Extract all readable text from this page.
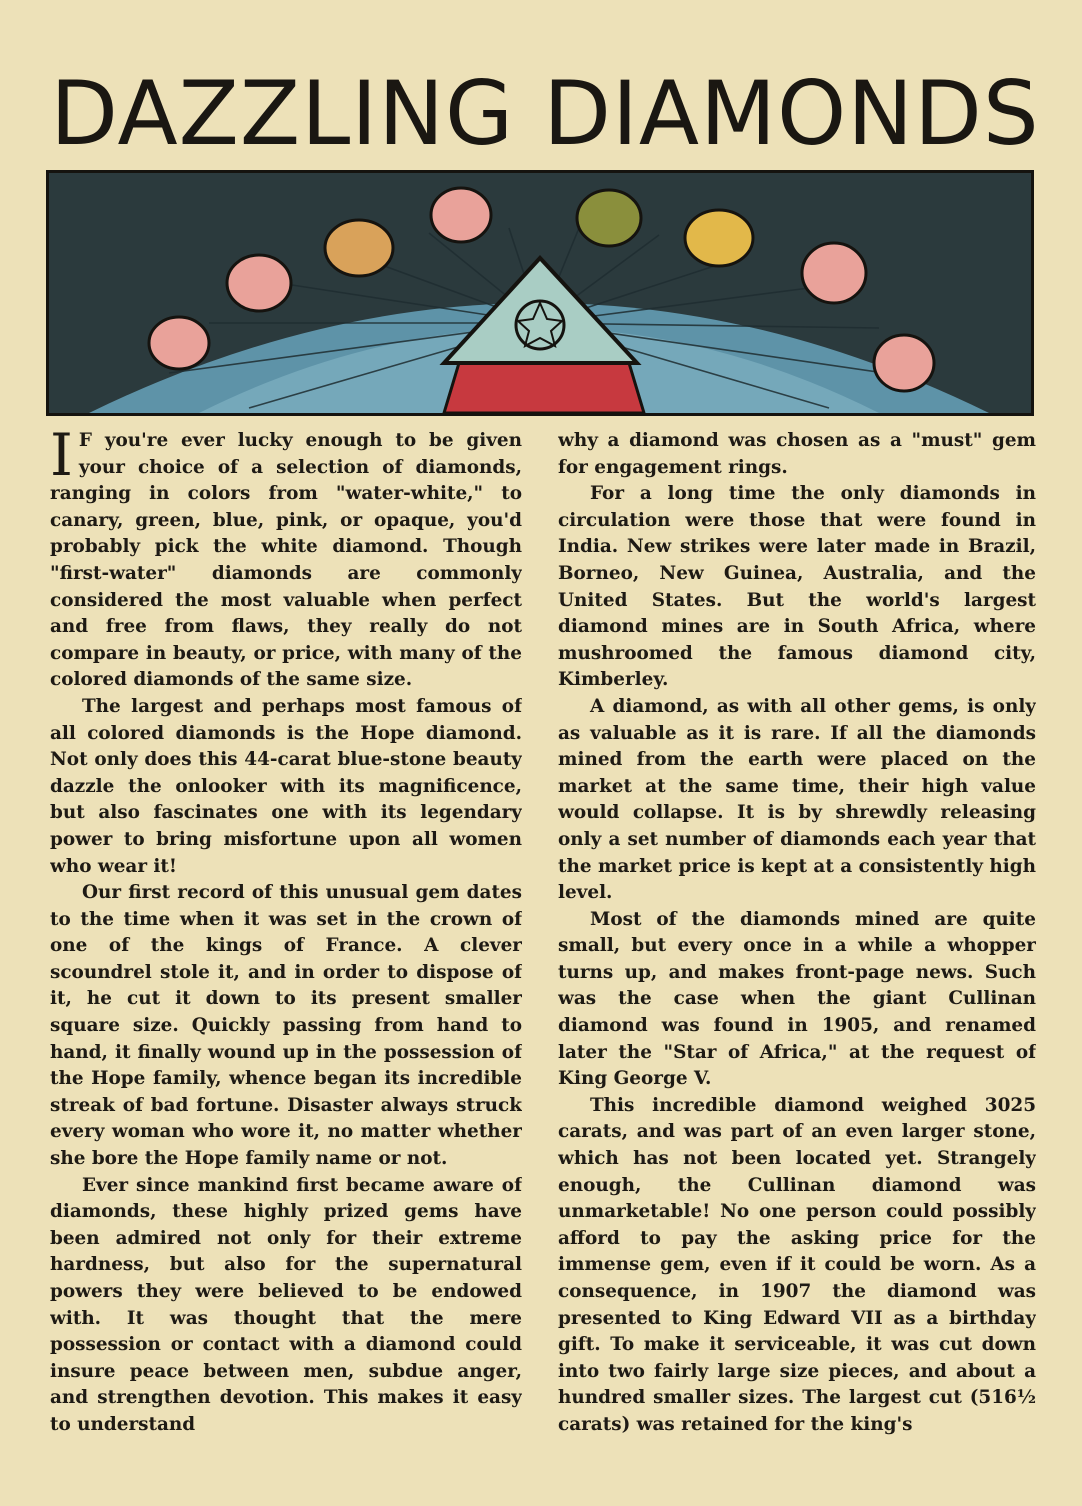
DAZZLING DIAMONDS

I F you're ever lucky enough to be given your choice of a selection of diamonds, ranging in colors from "water-white," to canary, green, blue, pink, or opaque, you'd probably pick the white diamond. Though "first-water" diamonds are commonly considered the most valuable when perfect and free from flaws, they really do not compare in beauty, or price, with many of the colored diamonds of the same size.

The largest and perhaps most famous of all colored diamonds is the Hope diamond. Not only does this 44-carat blue-stone beauty dazzle the onlooker with its magnificence, but also fascinates one with its legendary power to bring misfortune upon all women who wear it!

Our first record of this unusual gem dates to the time when it was set in the crown of one of the kings of France. A clever scoundrel stole it, and in order to dispose of it, he cut it down to its present smaller square size. Quickly passing from hand to hand, it finally wound up in the possession of the Hope family, whence began its incredible streak of bad fortune. Disaster always struck every woman who wore it, no matter whether she bore the Hope family name or not.

Ever since mankind first became aware of diamonds, these highly prized gems have been admired not only for their extreme hardness, but also for the supernatural powers they were believed to be endowed with. It was thought that the mere possession or contact with a diamond could insure peace between men, subdue anger, and strengthen devotion. This makes it easy to understand

why a diamond was chosen as a "must" gem for engagement rings.

For a long time the only diamonds in circulation were those that were found in India. New strikes were later made in Brazil, Borneo, New Guinea, Australia, and the United States. But the world's largest diamond mines are in South Africa, where mushroomed the famous diamond city, Kimberley.

A diamond, as with all other gems, is only as valuable as it is rare. If all the diamonds mined from the earth were placed on the market at the same time, their high value would collapse. It is by shrewdly releasing only a set number of diamonds each year that the market price is kept at a consistently high level.

Most of the diamonds mined are quite small, but every once in a while a whopper turns up, and makes front-page news. Such was the case when the giant Cullinan diamond was found in 1905, and renamed later the "Star of Africa," at the request of King George V.

This incredible diamond weighed 3025 carats, and was part of an even larger stone, which has not been located yet. Strangely enough, the Cullinan diamond was unmarketable! No one person could possibly afford to pay the asking price for the immense gem, even if it could be worn. As a consequence, in 1907 the diamond was presented to King Edward VII as a birthday gift. To make it serviceable, it was cut down into two fairly large size pieces, and about a hundred smaller sizes. The largest cut (516½ carats) was retained for the king's
